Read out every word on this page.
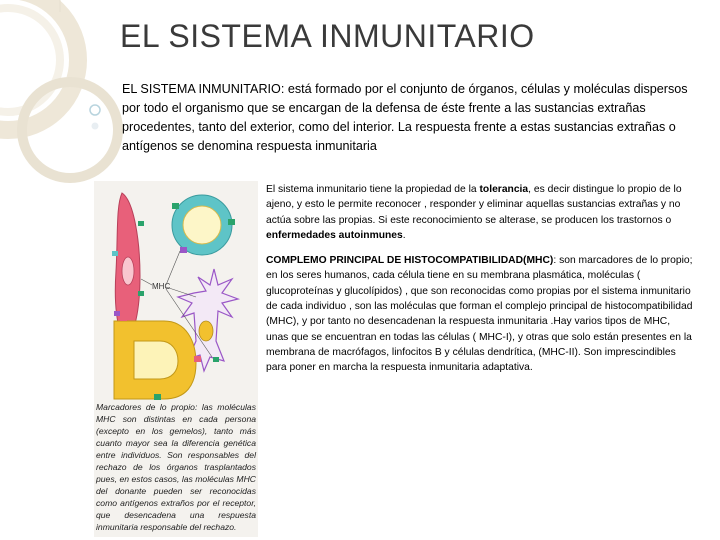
EL SISTEMA INMUNITARIO

EL SISTEMA INMUNITARIO: está formado por el conjunto de órganos, células y moléculas dispersos por todo el organismo que se encargan de la defensa de éste frente a las sustancias extrañas procedentes, tanto del exterior, como del interior. La respuesta frente a estas sustancias extrañas o antígenos se denomina respuesta inmunitaria

MHC

Marcadores de lo propio: las moléculas MHC son distintas en cada persona (excepto en los gemelos), tanto más cuanto mayor sea la diferencia genética entre individuos. Son responsables del rechazo de los órganos trasplantados pues, en estos casos, las moléculas MHC del donante pueden ser reconocidas como antígenos extraños por el receptor, que desencadena una respuesta inmunitaria responsable del rechazo.

El sistema inmunitario tiene la propiedad de la tolerancia, es decir distingue lo propio de lo ajeno, y esto le permite reconocer , responder y eliminar aquellas sustancias extrañas y no actúa sobre las propias. Si este reconocimiento se alterase, se producen los trastornos o enfermedades autoinmunes.

COMPLEMO PRINCIPAL DE HISTOCOMPATIBILIDAD(MHC): son marcadores de lo propio; en los seres humanos, cada célula tiene en su membrana plasmática, moléculas ( glucoproteínas y glucolípidos) , que son reconocidas como propias por el sistema inmunitario de cada individuo , son las moléculas que forman el complejo principal de histocompatibilidad (MHC), y por tanto no desencadenan la respuesta inmunitaria .Hay varios tipos de MHC, unas que se encuentran en todas las células ( MHC-I), y otras que solo están presentes en la membrana de macrófagos, linfocitos B y células dendrítica, (MHC-II). Son imprescindibles para poner en marcha la respuesta inmunitaria adaptativa.
